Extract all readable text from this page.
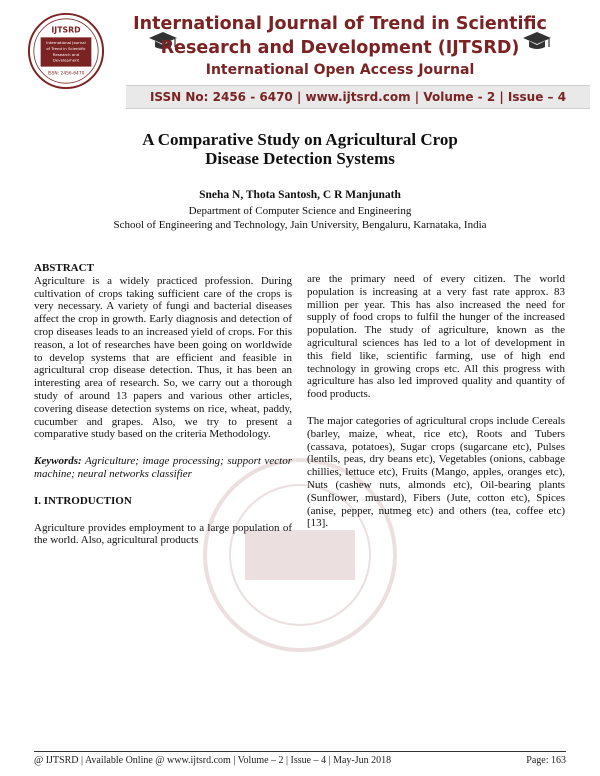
IJTSRD
International Journal
of Trend in Scientific
Research and
Development
ISSN: 2456-6470
International Journal of Trend in Scientific
Research and Development (IJTSRD)
International Open Access Journal
ISSN No: 2456 - 6470 | www.ijtsrd.com | Volume - 2 | Issue – 4
A Comparative Study on Agricultural Crop
Disease Detection Systems
Sneha N, Thota Santosh, C R Manjunath
Department of Computer Science and Engineering
School of Engineering and Technology, Jain University, Bengaluru, Karnataka, India

ABSTRACT

Agriculture is a widely practiced profession. During cultivation of crops taking sufficient care of the crops is very necessary. A variety of fungi and bacterial diseases affect the crop in growth. Early diagnosis and detection of crop diseases leads to an increased yield of crops. For this reason, a lot of researches have been going on worldwide to develop systems that are efficient and feasible in agricultural crop disease detection. Thus, it has been an interesting area of research. So, we carry out a thorough study of around 13 papers and various other articles, covering disease detection systems on rice, wheat, paddy, cucumber and grapes. Also, we try to present a comparative study based on the criteria Methodology.

Keywords: Agriculture; image processing; support vector machine; neural networks classifier

I. INTRODUCTION

Agriculture provides employment to a large population of the world. Also, agricultural products

are the primary need of every citizen. The world population is increasing at a very fast rate approx. 83 million per year. This has also increased the need for supply of food crops to fulfil the hunger of the increased population. The study of agriculture, known as the agricultural sciences has led to a lot of development in this field like, scientific farming, use of high end technology in growing crops etc. All this progress with agriculture has also led improved quality and quantity of food products.

The major categories of agricultural crops include Cereals (barley, maize, wheat, rice etc), Roots and Tubers (cassava, potatoes), Sugar crops (sugarcane etc), Pulses (lentils, peas, dry beans etc), Vegetables (onions, cabbage chillies, lettuce etc), Fruits (Mango, apples, oranges etc), Nuts (cashew nuts, almonds etc), Oil-bearing plants (Sunflower, mustard), Fibers (Jute, cotton etc), Spices (anise, pepper, nutmeg etc) and others (tea, coffee etc)[13].

@ IJTSRD | Available Online @ www.ijtsrd.com | Volume – 2 | Issue – 4 | May-Jun 2018	Page: 163
